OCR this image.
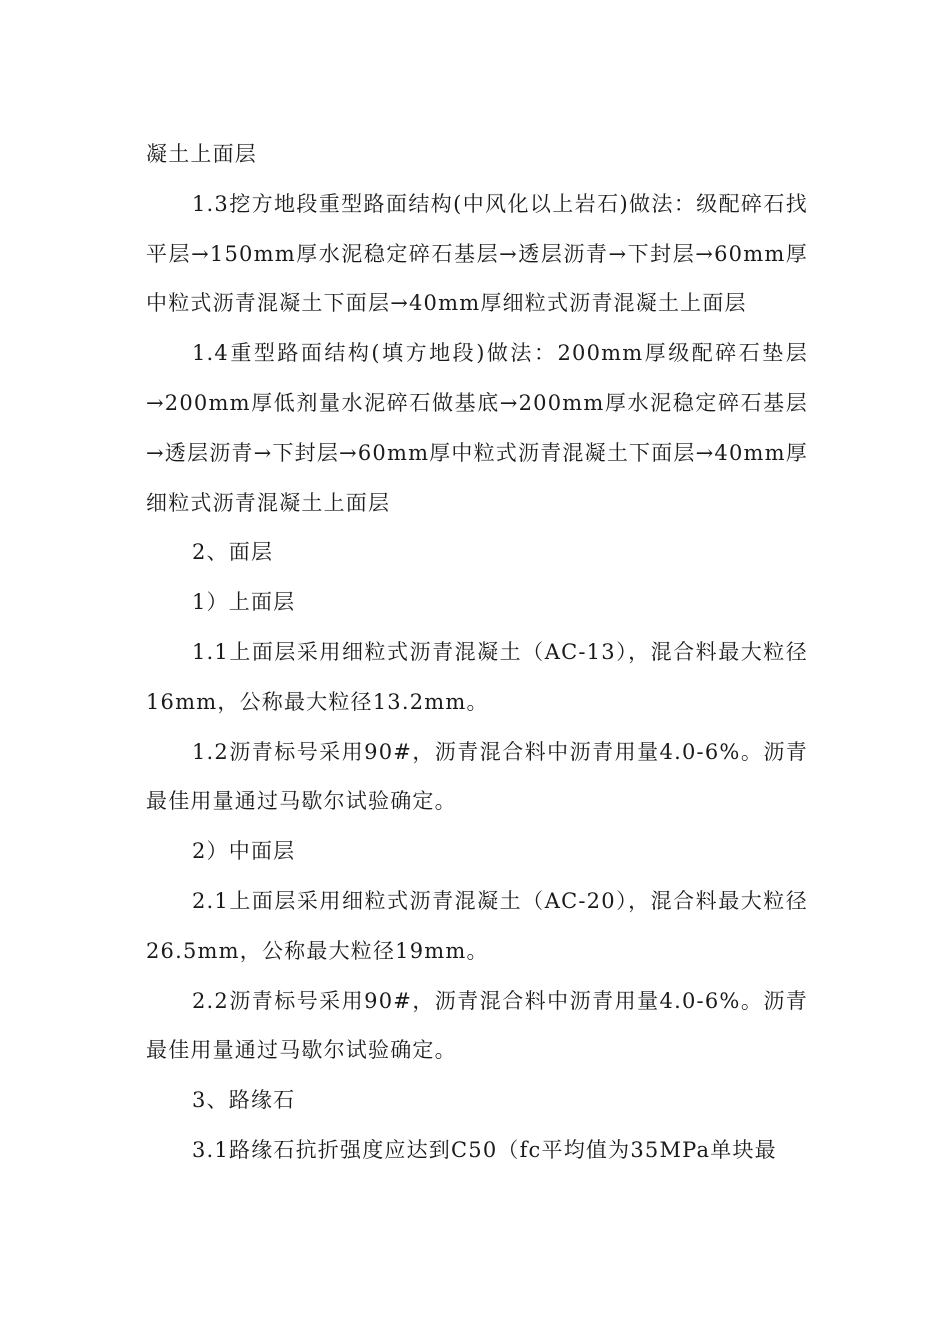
凝土上面层

1.3挖方地段重型路面结构(中风化以上岩石)做法：级配碎石找平层→150mm厚水泥稳定碎石基层→透层沥青→下封层→60mm厚中粒式沥青混凝土下面层→40mm厚细粒式沥青混凝土上面层

1.4重型路面结构(填方地段)做法：200mm厚级配碎石垫层→200mm厚低剂量水泥碎石做基底→200mm厚水泥稳定碎石基层→透层沥青→下封层→60mm厚中粒式沥青混凝土下面层→40mm厚细粒式沥青混凝土上面层

2、面层

1）上面层

1.1上面层采用细粒式沥青混凝土（AC-13），混合料最大粒径16mm，公称最大粒径13.2mm。

1.2沥青标号采用90#，沥青混合料中沥青用量4.0-6%。沥青最佳用量通过马歇尔试验确定。

2）中面层

2.1上面层采用细粒式沥青混凝土（AC-20），混合料最大粒径26.5mm，公称最大粒径19mm。

2.2沥青标号采用90#，沥青混合料中沥青用量4.0-6%。沥青最佳用量通过马歇尔试验确定。

3、路缘石

3.1路缘石抗折强度应达到C50（fc平均值为35MPa单块最
